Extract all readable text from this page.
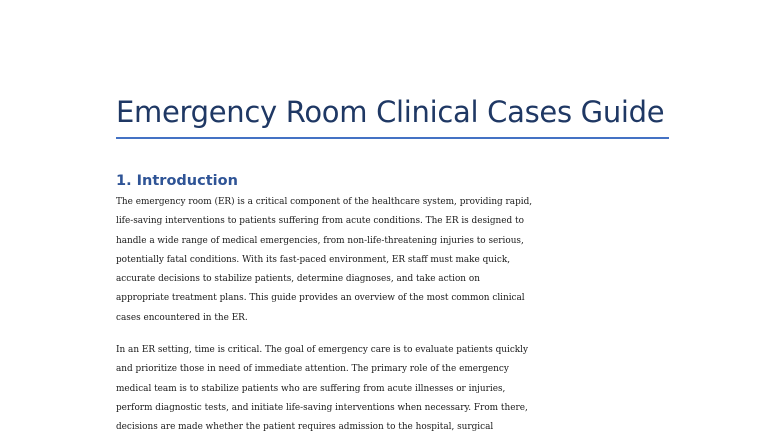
Emergency Room Clinical Cases Guide
1. Introduction

The emergency room (ER) is a critical component of the healthcare system, providing rapid,
life-saving interventions to patients suffering from acute conditions. The ER is designed to
handle a wide range of medical emergencies, from non-life-threatening injuries to serious,
potentially fatal conditions. With its fast-paced environment, ER staff must make quick,
accurate decisions to stabilize patients, determine diagnoses, and take action on
appropriate treatment plans. This guide provides an overview of the most common clinical
cases encountered in the ER.

In an ER setting, time is critical. The goal of emergency care is to evaluate patients quickly
and prioritize those in need of immediate attention. The primary role of the emergency
medical team is to stabilize patients who are suffering from acute illnesses or injuries,
perform diagnostic tests, and initiate life-saving interventions when necessary. From there,
decisions are made whether the patient requires admission to the hospital, surgical
